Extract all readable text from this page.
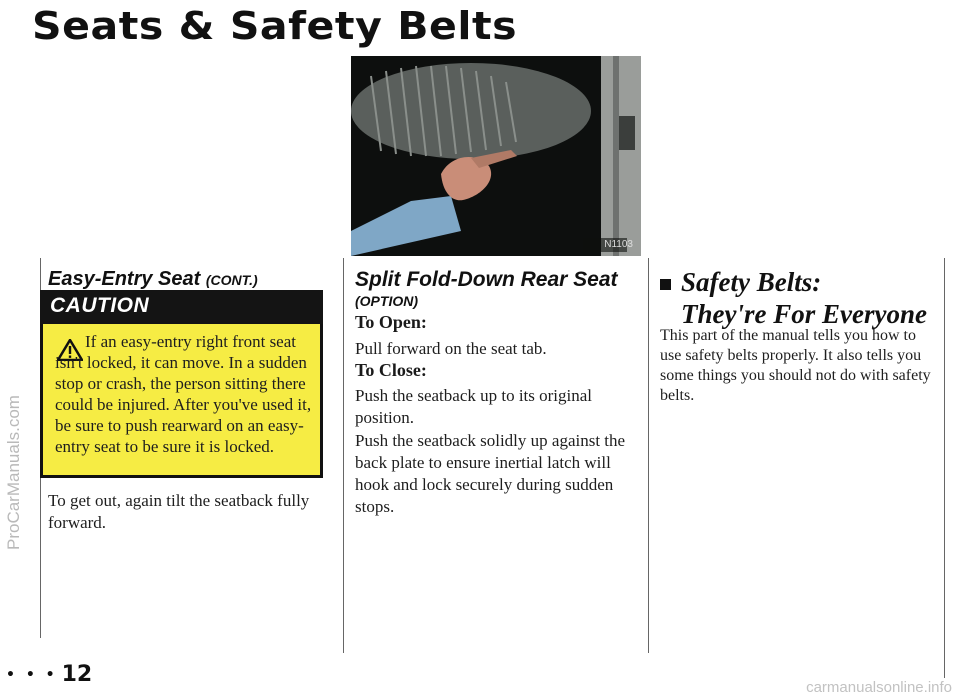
Seats & Safety Belts
N1103
Easy-Entry Seat (CONT.)
CAUTION
If an easy-entry right front seat isn't locked, it can move. In a sudden stop or crash, the person sitting there could be injured. After you've used it, be sure to push rearward on an easy-entry seat to be sure it is locked.

To get out, again tilt the seatback fully forward.

Split Fold-Down Rear Seat
(OPTION)
To Open:

Pull forward on the seat tab.

To Close:

Push the seatback up to its original position.

Push the seatback solidly up against the back plate to ensure inertial latch will hook and lock securely during sudden stops.

Safety Belts:
They're For Everyone

This part of the manual tells you how to use safety belts properly. It also tells you some things you should not do with safety belts.

• • • 12
ProCarManuals.com
carmanualsonline.info
